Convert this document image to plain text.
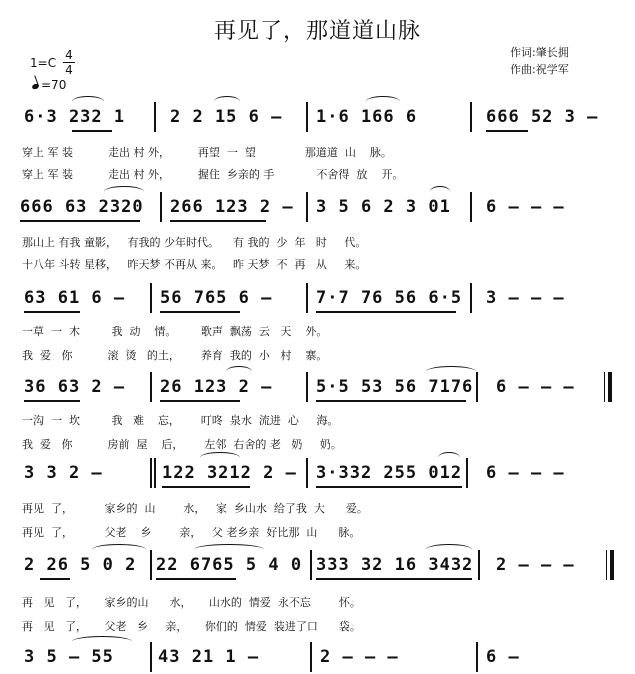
再见了，那道道山脉
作词:肇长拥
作曲:祝学军
$1=C \frac{4}{4}$
=70
6·3 232 1	2 2 15 6 – 1·6 166 6	666 52 3 –
穿上 军 装          走出 村 外，        再望  一  望              那道道  山    脉。
穿上 军 装          走出 村 外，        握住  乡亲的 手            不舍得  放    开。
666 63 2320 266 123 2 – 3 5 6 2 3 01 6 – – –
那山上 有我 童影，   有我的 少年时代。    有 我的  少  年   时     代。
十八年 斗转 星移，   昨天梦 不再从 来。   昨 天梦  不  再   从     来。
63 61 6 – 56 765 6 –	7·7 76 56 6·5 3 – – –
一草  一  木         我  动    情。       歌声  飘荡  云   天    外。
我  爱   你          滚  烫   的土，      养育  我的  小   村    寨。
36 63 2 – 26 123 2 –	5·5 53 56 7176 6 – – –
一沟  一  坎         我   难    忘，      叮咚  泉水  流进  心     海。
我  爱   你          房前  屋    后，      左邻  右舍的 老   奶     奶。
3 3 2 –	122 3212 2 – 3·332 255 012 6 – – –
再见  了，         家乡的  山        水，   家  乡山水  给了我  大      爱。
再见  了，         父老    乡        亲，   父 老乡亲  好比那  山      脉。
2 26 5 0 2 22 6765 5 4 0 333 32 16 3432 2 – – –
再   见   了，     家乡的山      水，     山水的  情爱  永不忘        怀。
再   见   了，     父老   乡     亲，     你们的  情爱  装进了口      袋。
3 5 – 55	43 21 1 –	2 – – –	6 –
